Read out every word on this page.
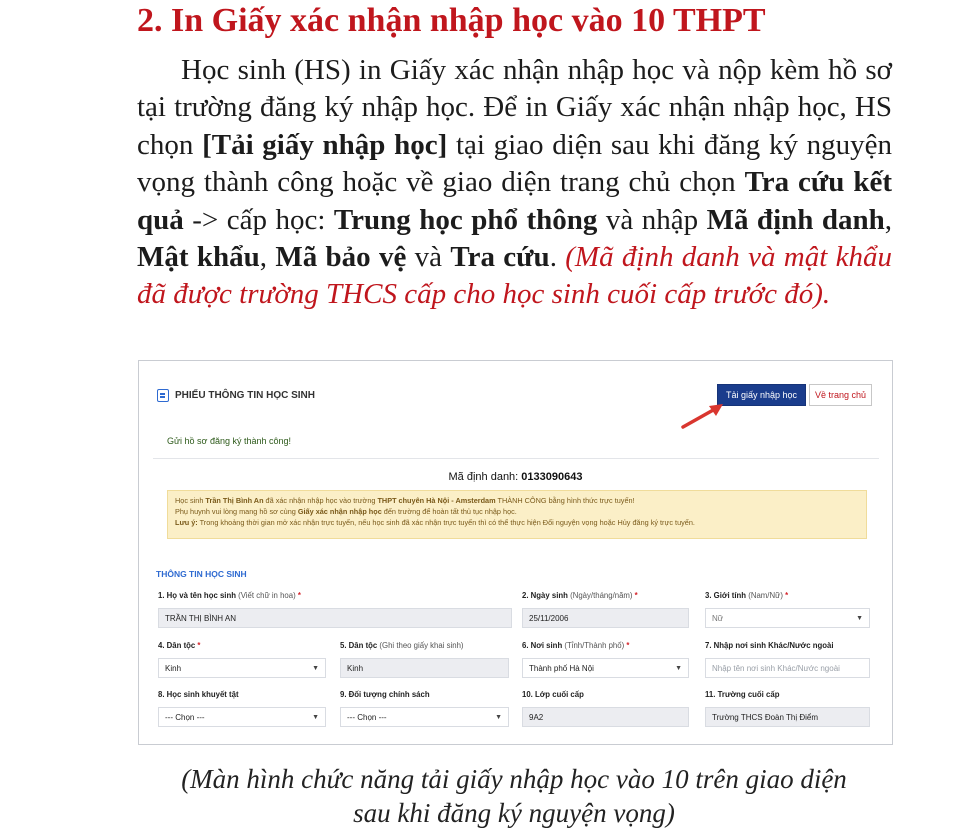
2. In Giấy xác nhận nhập học vào 10 THPT

Học sinh (HS) in Giấy xác nhận nhập học và nộp kèm hồ sơ tại trường đăng ký nhập học. Để in Giấy xác nhận nhập học, HS chọn [Tải giấy nhập học] tại giao diện sau khi đăng ký nguyện vọng thành công hoặc về giao diện trang chủ chọn Tra cứu kết quả -> cấp học: Trung học phổ thông và nhập Mã định danh, Mật khẩu, Mã bảo vệ và Tra cứu. (Mã định danh và mật khẩu đã được trường THCS cấp cho học sinh cuối cấp trước đó).

PHIẾU THÔNG TIN HỌC SINH	Tải giấy nhập học	Về trang chủ
Gửi hồ sơ đăng ký thành công!
Mã định danh: 0133090643
Học sinh Trần Thị Bình An đã xác nhận nhập học vào trường THPT chuyên Hà Nội - Amsterdam THÀNH CÔNG bằng hình thức trực tuyến!
Phụ huynh vui lòng mang hồ sơ cùng Giấy xác nhận nhập học đến trường để hoàn tất thủ tục nhập học.
Lưu ý: Trong khoảng thời gian mở xác nhận trực tuyến, nếu học sinh đã xác nhận trực tuyến thì có thể thực hiện Đổi nguyện vọng hoặc Hủy đăng ký trực tuyến.
THÔNG TIN HỌC SINH
1. Họ và tên học sinh (Viết chữ in hoa) *
TRẦN THỊ BÌNH AN
2. Ngày sinh (Ngày/tháng/năm) *
25/11/2006
3. Giới tính (Nam/Nữ) *
Nữ	▼
4. Dân tộc *
Kinh	▼
5. Dân tộc (Ghi theo giấy khai sinh)
Kinh
6. Nơi sinh (Tỉnh/Thành phố) *
Thành phố Hà Nội	▼
7. Nhập nơi sinh Khác/Nước ngoài
Nhập tên nơi sinh Khác/Nước ngoài
8. Học sinh khuyết tật
--- Chọn ---	▼
9. Đối tượng chính sách
--- Chọn ---	▼
10. Lớp cuối cấp
9A2
11. Trường cuối cấp
Trường THCS Đoàn Thị Điểm
(Màn hình chức năng tải giấy nhập học vào 10 trên giao diện
sau khi đăng ký nguyện vọng)
